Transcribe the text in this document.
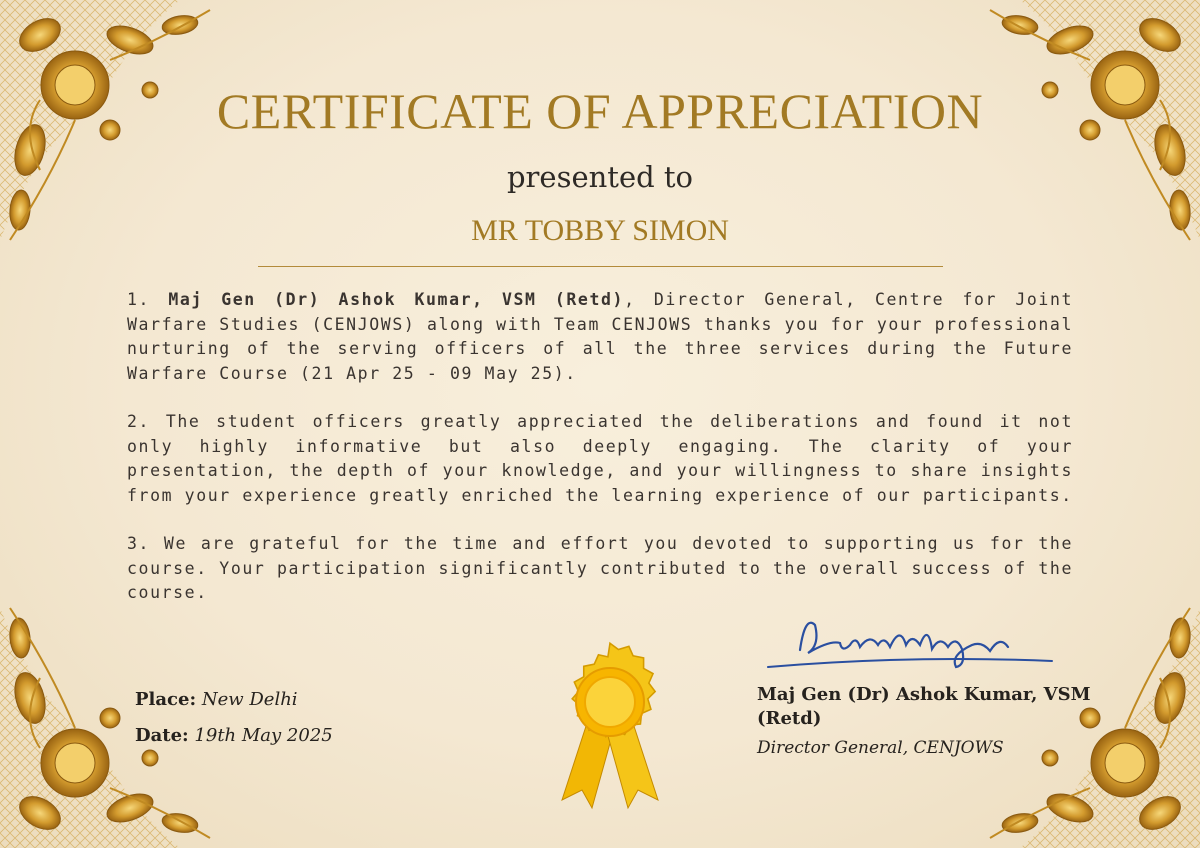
CERTIFICATE OF APPRECIATION
presented to
MR TOBBY SIMON

1. Maj Gen (Dr) Ashok Kumar, VSM (Retd), Director General, Centre for Joint Warfare Studies (CENJOWS) along with Team CENJOWS thanks you for your professional nurturing of the serving officers of all the three services during the Future Warfare Course (21 Apr 25 - 09 May 25).

2. The student officers greatly appreciated the deliberations and found it not only highly informative but also deeply engaging. The clarity of your presentation, the depth of your knowledge, and your willingness to share insights from your experience greatly enriched the learning experience of our participants.

3. We are grateful for the time and effort you devoted to supporting us for the course. Your participation significantly contributed to the overall success of the course.

Place: New Delhi
Date: 19th May 2025
Maj Gen (Dr) Ashok Kumar, VSM (Retd)
Director General, CENJOWS
